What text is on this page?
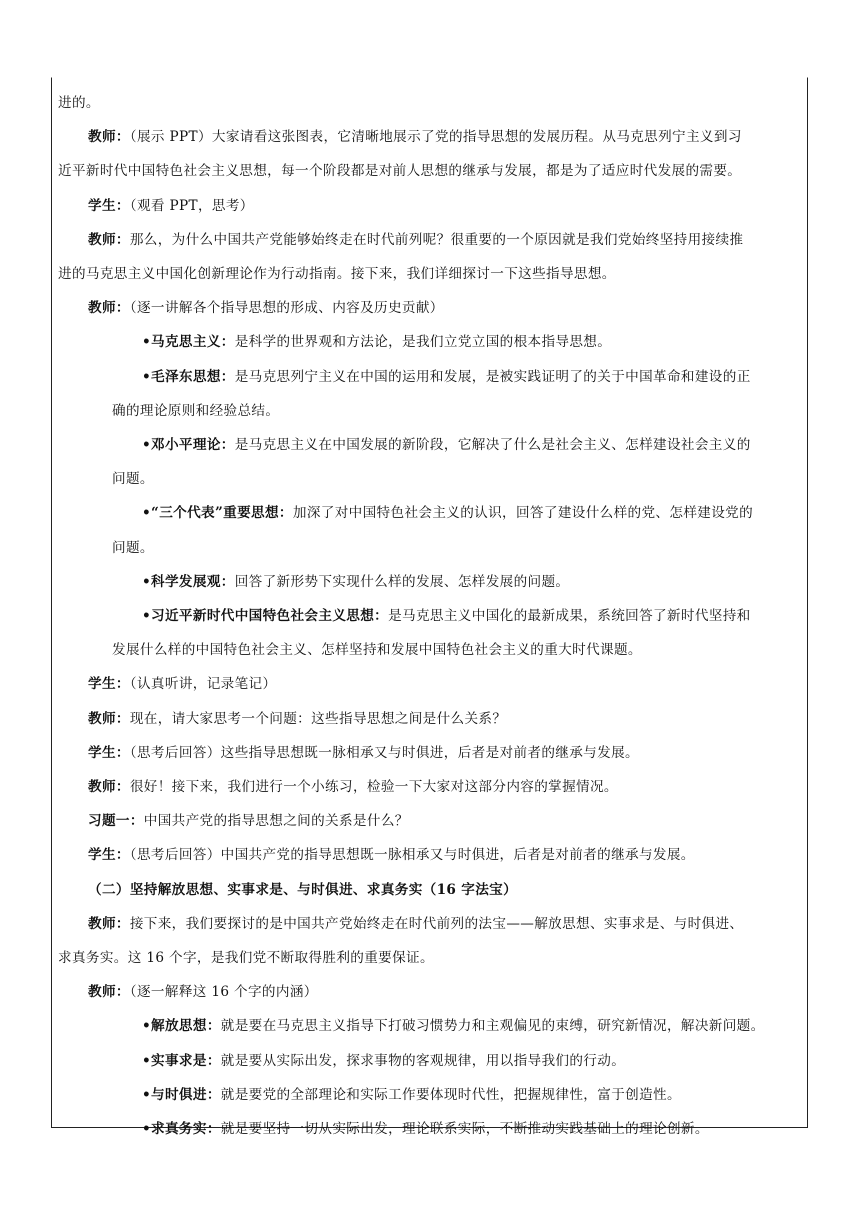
进的。

教师：（展示 PPT）大家请看这张图表，它清晰地展示了党的指导思想的发展历程。从马克思列宁主义到习

近平新时代中国特色社会主义思想，每一个阶段都是对前人思想的继承与发展，都是为了适应时代发展的需要。

学生：（观看 PPT，思考）

教师：那么，为什么中国共产党能够始终走在时代前列呢？很重要的一个原因就是我们党始终坚持用接续推

进的马克思主义中国化创新理论作为行动指南。接下来，我们详细探讨一下这些指导思想。

教师：（逐一讲解各个指导思想的形成、内容及历史贡献）

•马克思主义：是科学的世界观和方法论，是我们立党立国的根本指导思想。

•毛泽东思想：是马克思列宁主义在中国的运用和发展，是被实践证明了的关于中国革命和建设的正

确的理论原则和经验总结。

•邓小平理论：是马克思主义在中国发展的新阶段，它解决了什么是社会主义、怎样建设社会主义的

问题。

•“三个代表”重要思想：加深了对中国特色社会主义的认识，回答了建设什么样的党、怎样建设党的

问题。

•科学发展观：回答了新形势下实现什么样的发展、怎样发展的问题。

•习近平新时代中国特色社会主义思想：是马克思主义中国化的最新成果，系统回答了新时代坚持和

发展什么样的中国特色社会主义、怎样坚持和发展中国特色社会主义的重大时代课题。

学生：（认真听讲，记录笔记）

教师：现在，请大家思考一个问题：这些指导思想之间是什么关系？

学生：（思考后回答）这些指导思想既一脉相承又与时俱进，后者是对前者的继承与发展。

教师：很好！接下来，我们进行一个小练习，检验一下大家对这部分内容的掌握情况。

习题一：中国共产党的指导思想之间的关系是什么？

学生：（思考后回答）中国共产党的指导思想既一脉相承又与时俱进，后者是对前者的继承与发展。

（二）坚持解放思想、实事求是、与时俱进、求真务实（16 字法宝）

教师：接下来，我们要探讨的是中国共产党始终走在时代前列的法宝——解放思想、实事求是、与时俱进、

求真务实。这 16 个字，是我们党不断取得胜利的重要保证。

教师：（逐一解释这 16 个字的内涵）

•解放思想：就是要在马克思主义指导下打破习惯势力和主观偏见的束缚，研究新情况，解决新问题。

•实事求是：就是要从实际出发，探求事物的客观规律，用以指导我们的行动。

•与时俱进：就是要党的全部理论和实际工作要体现时代性，把握规律性，富于创造性。

•求真务实：就是要坚持一切从实际出发，理论联系实际，不断推动实践基础上的理论创新。
